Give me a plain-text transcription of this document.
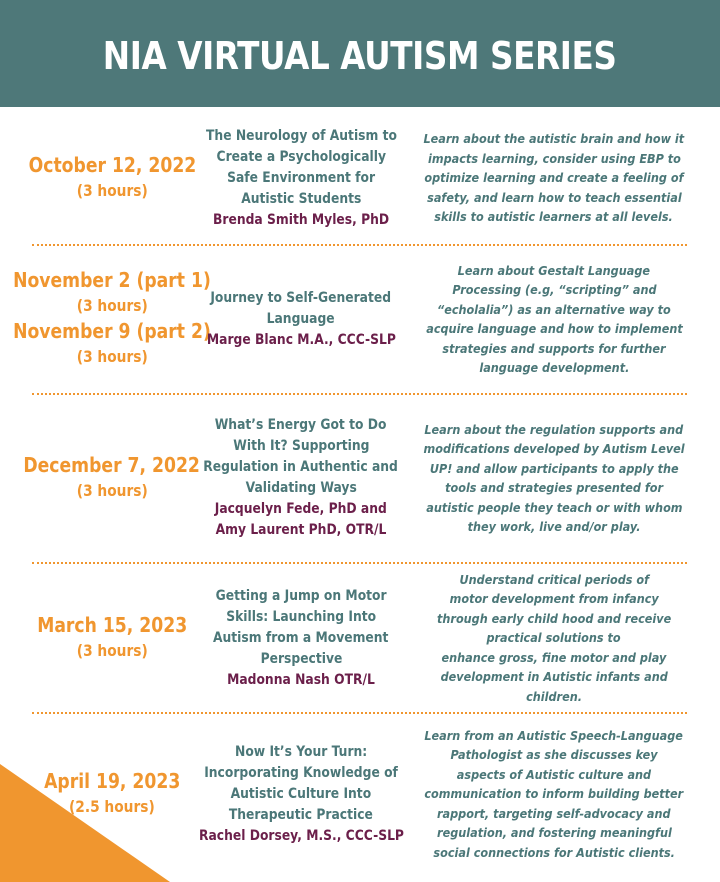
NIA VIRTUAL AUTISM SERIES
October 12, 2022
(3 hours)
The Neurology of Autism to
Create a Psychologically
Safe Environment for
Autistic Students
Brenda Smith Myles, PhD
Learn about the autistic brain and how it
impacts learning, consider using EBP to
optimize learning and create a feeling of
safety, and learn how to teach essential
skills to autistic learners at all levels.
November 2 (part 1)
(3 hours)
November 9 (part 2)
(3 hours)
Journey to Self-Generated
Language
Marge Blanc M.A., CCC-SLP
Learn about Gestalt Language
Processing (e.g, “scripting” and
“echolalia”) as an alternative way to
acquire language and how to implement
strategies and supports for further
language development.
December 7, 2022
(3 hours)
What’s Energy Got to Do
With It? Supporting
Regulation in Authentic and
Validating Ways
Jacquelyn Fede, PhD and
Amy Laurent PhD, OTR/L
Learn about the regulation supports and
modifications developed by Autism Level
UP! and allow participants to apply the
tools and strategies presented for
autistic people they teach or with whom
they work, live and/or play.
March 15, 2023
(3 hours)
Getting a Jump on Motor
Skills: Launching Into
Autism from a Movement
Perspective
Madonna Nash OTR/L
Understand critical periods of
motor development from infancy
through early child hood and receive
practical solutions to
enhance gross, fine motor and play
development in Autistic infants and
children.
April 19, 2023
(2.5 hours)
Now It’s Your Turn:
Incorporating Knowledge of
Autistic Culture Into
Therapeutic Practice
Rachel Dorsey, M.S., CCC-SLP
Learn from an Autistic Speech-Language
Pathologist as she discusses key
aspects of Autistic culture and
communication to inform building better
rapport, targeting self-advocacy and
regulation, and fostering meaningful
social connections for Autistic clients.
